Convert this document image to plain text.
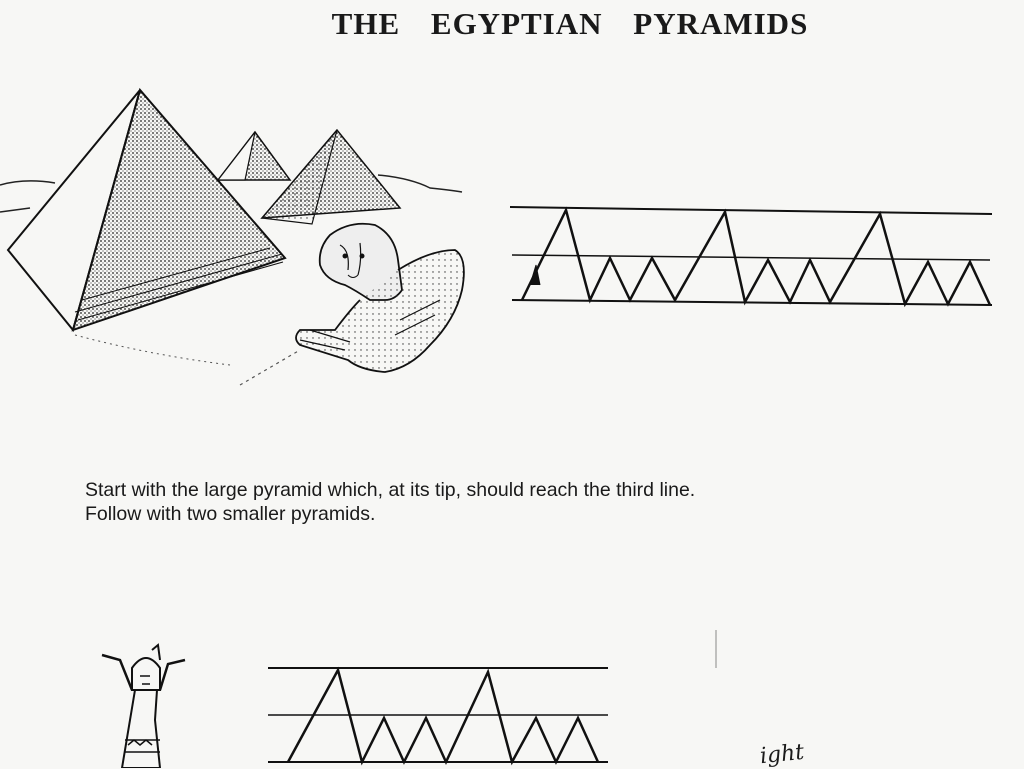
THE EGYPTIAN PYRAMIDS
Start with the large pyramid which, at its tip, should reach the third line. Follow with two smaller pyramids.
ight
